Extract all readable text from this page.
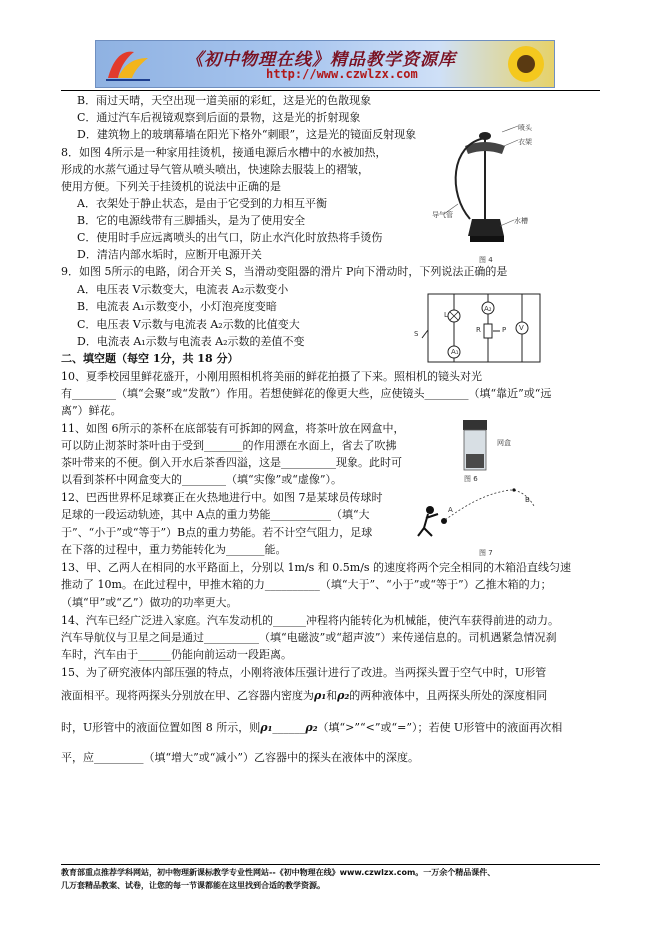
《初中物理在线》精品教学资源库
http://www.czwlzx.com
B．雨过天晴，天空出现一道美丽的彩虹，这是光的色散现象
C．通过汽车后视镜观察到后面的景物，这是光的折射现象
D．建筑物上的玻璃幕墙在阳光下格外“刺眼”，这是光的镜面反射现象
8．如图 4所示是一种家用挂烫机，接通电源后水槽中的水被加热，
形成的水蒸气通过导气管从喷头喷出，快速除去服装上的褶皱，
使用方便。下列关于挂烫机的说法中正确的是
A．衣架处于静止状态，是由于它受到的力相互平衡
B．它的电源线带有三脚插头，是为了使用安全
C．使用时手应远离喷头的出气口，防止水汽化时放热将手烫伤
D．清洁内部水垢时，应断开电源开关
喷头
衣架
导气管
水槽
图 4
9．如图 5所示的电路，闭合开关 S，当滑动变阻器的滑片 P向下滑动时，下列说法正确的是
A．电压表 V示数变大，电流表 A₂示数变小
B．电流表 A₁示数变小，小灯泡亮度变暗
C．电压表 V示数与电流表 A₂示数的比值变大
D．电流表 A₁示数与电流表 A₂示数的差值不变
S
L
A₂
R	P V
A₁
二、填空题（每空 1分，共 18 分）
10、夏季校园里鲜花盛开，小刚用照相机将美丽的鲜花拍摄了下来。照相机的镜头对光
有________（填“会聚”或“发散”）作用。若想使鲜花的像更大些，应使镜头________（填“靠近”或“远
离”）鲜花。
11、如图 6所示的茶杯在底部装有可拆卸的网盒，将茶叶放在网盒中，
可以防止沏茶时茶叶由于受到_______的作用漂在水面上，省去了吹拂
茶叶带来的不便。倒入开水后茶香四溢，这是__________现象。此时可
以看到茶杯中网盒变大的________（填“实像”或“虚像”）。
网盒
图 6
12、巴西世界杯足球赛正在火热地进行中。如图 7是某球员传球时
足球的一段运动轨迹，其中 A点的重力势能___________（填“大
于”、“小于”或“等于”）B点的重力势能。若不计空气阻力，足球
在下落的过程中，重力势能转化为_______能。
A
B
图 7
13、甲、乙两人在相同的水平路面上，分别以 1m/s 和 0.5m/s 的速度将两个完全相同的木箱沿直线匀速
推动了 10m。在此过程中，甲推木箱的力__________（填“大于”、“小于”或“等于”）乙推木箱的力；
（填“甲”或“乙”）做功的功率更大。
14、汽车已经广泛进入家庭。汽车发动机的______冲程将内能转化为机械能，使汽车获得前进的动力。
汽车导航仪与卫星之间是通过__________（填“电磁波”或“超声波”）来传递信息的。司机遇紧急情况刹
车时，汽车由于______仍能向前运动一段距离。
15、为了研究液体内部压强的特点，小刚将液体压强计进行了改进。当两探头置于空气中时，U形管
液面相平。现将两探头分别放在甲、乙容器内密度为ρ₁和ρ₂的两种液体中，且两探头所处的深度相同
时，U形管中的液面位置如图 8 所示，则ρ₁______ρ₂（填“>”“<”或“=”）；若使 U形管中的液面再次相
平，应_________（填“增大”或“减小”）乙容器中的探头在液体中的深度。
教育部重点推荐学科网站，初中物理新课标教学专业性网站--《初中物理在线》www.czwlzx.com。一万余个精品课件、
几万套精品教案、试卷，让您的每一节课都能在这里找到合适的教学资源。
